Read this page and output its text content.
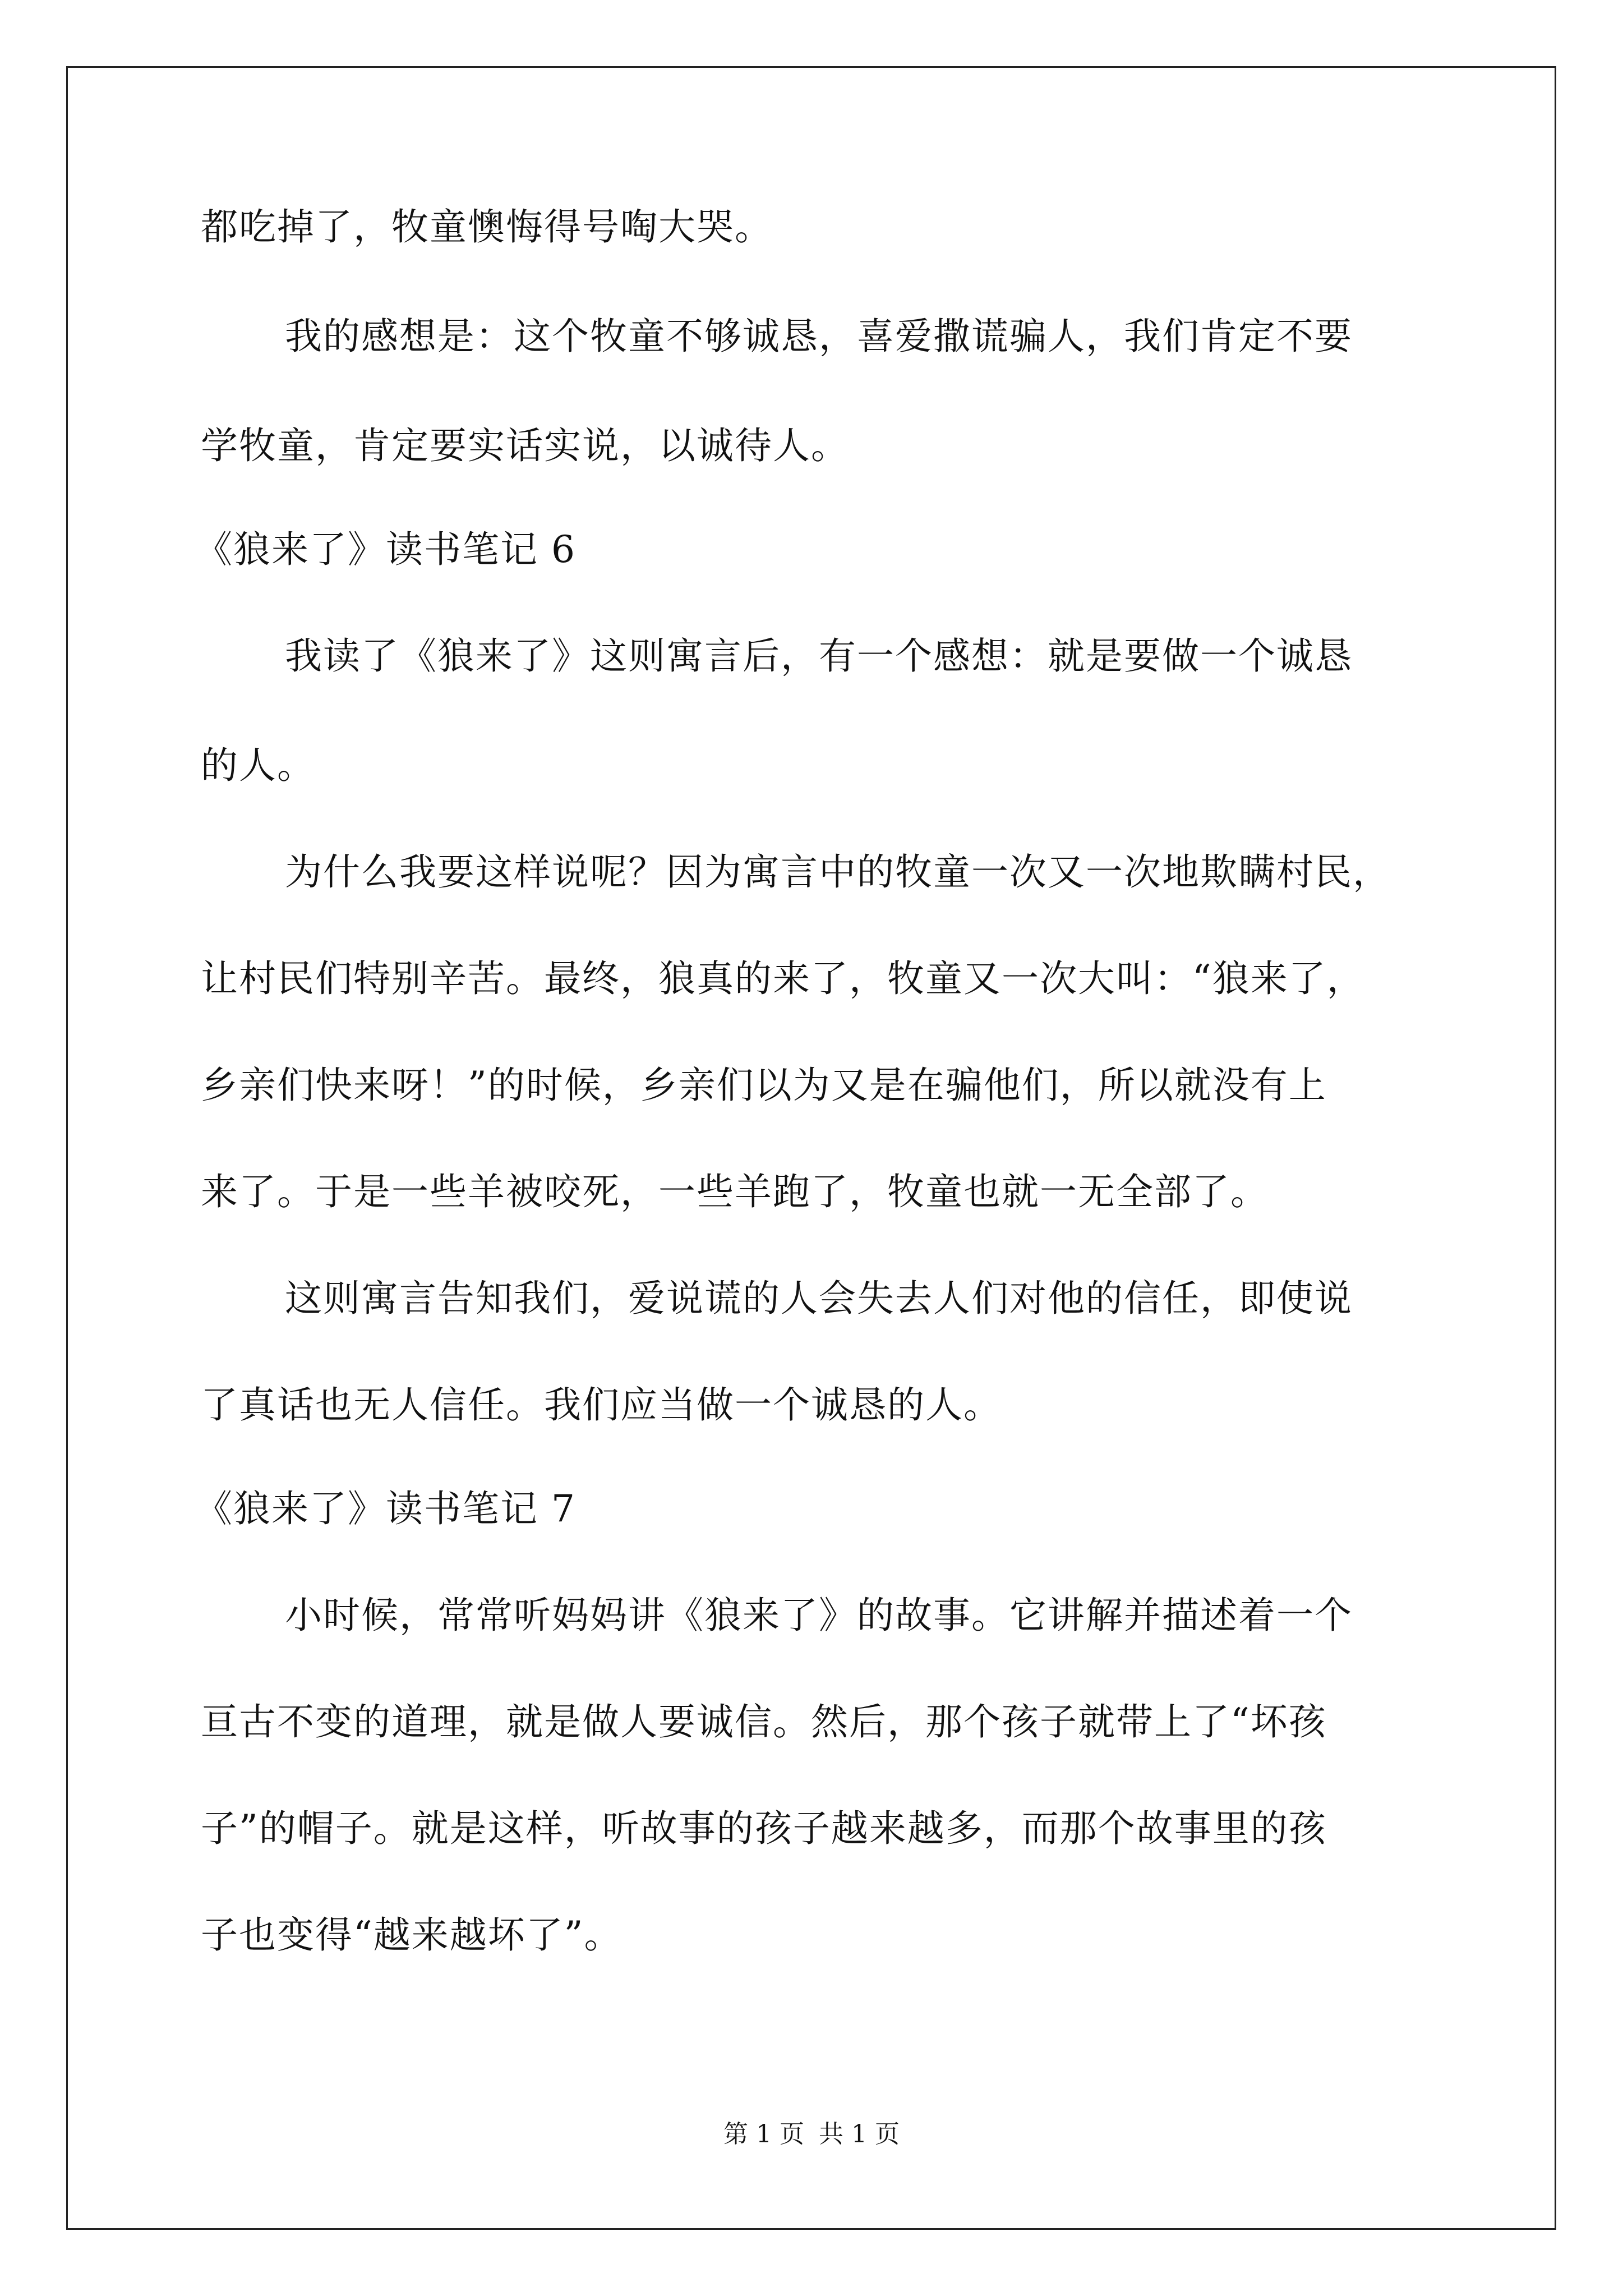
都吃掉了，牧童懊悔得号啕大哭。
我的感想是：这个牧童不够诚恳，喜爱撒谎骗人，我们肯定不要
学牧童，肯定要实话实说，以诚待人。
《狼来了》读书笔记 6
我读了《狼来了》这则寓言后，有一个感想：就是要做一个诚恳
的人。
为什么我要这样说呢？因为寓言中的牧童一次又一次地欺瞒村民，
让村民们特别辛苦。最终，狼真的来了，牧童又一次大叫：“狼来了，
乡亲们快来呀！”的时候，乡亲们以为又是在骗他们，所以就没有上
来了。于是一些羊被咬死，一些羊跑了，牧童也就一无全部了。
这则寓言告知我们，爱说谎的人会失去人们对他的信任，即使说
了真话也无人信任。我们应当做一个诚恳的人。
《狼来了》读书笔记 7
小时候，常常听妈妈讲《狼来了》的故事。它讲解并描述着一个
亘古不变的道理，就是做人要诚信。然后，那个孩子就带上了“坏孩
子”的帽子。就是这样，听故事的孩子越来越多，而那个故事里的孩
子也变得“越来越坏了”。
第 1 页 共 1 页
